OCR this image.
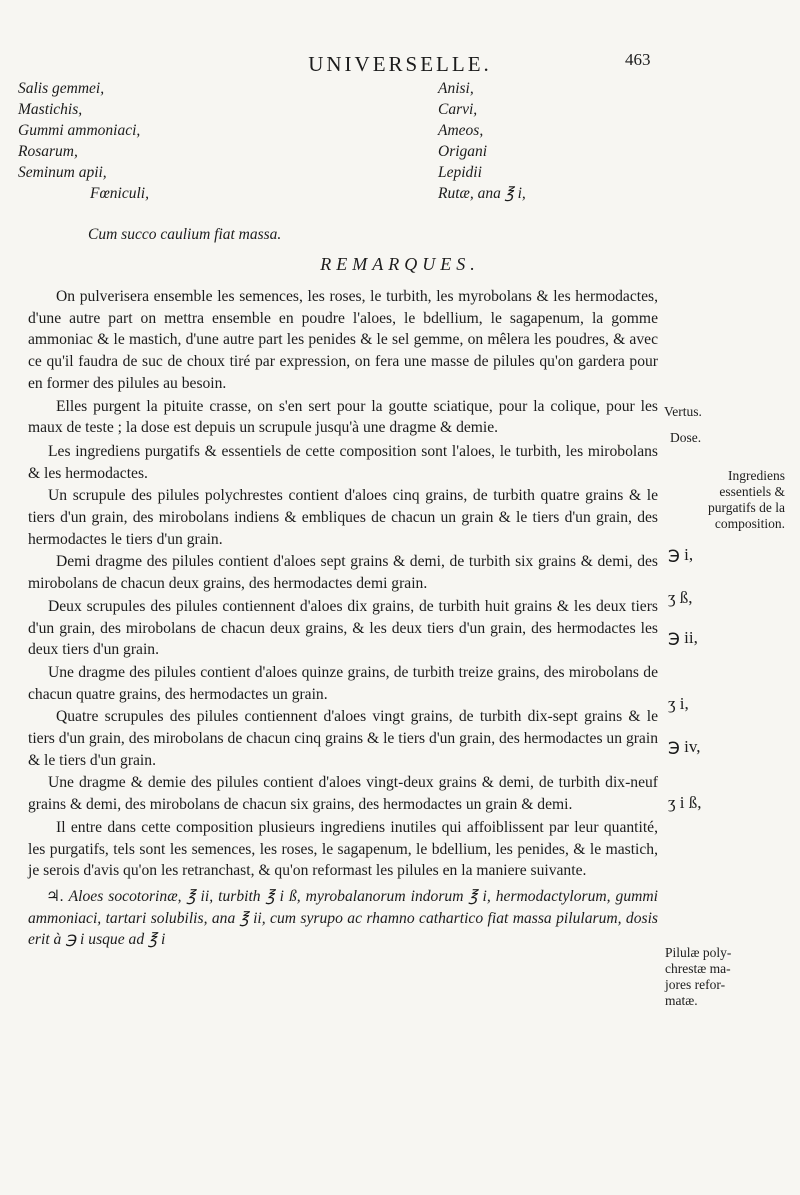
UNIVERSELLE.	463
Salis gemmei,
Mastichis,
Gummi ammoniaci,
Rosarum,
Seminum apii,
Fœniculi,
Anisi,
Carvi,
Ameos,
Origani
Lepidii
Rutæ, ana ℥ i,
Cum succo caulium fiat massa.
REMARQUES.

On pulverisera ensemble les semences, les roses, le turbith, les myrobolans & les hermodactes, d'une autre part on mettra ensemble en poudre l'aloes, le bdellium, le sagapenum, la gomme ammoniac & le mastich, d'une autre part les penides & le sel gemme, on mêlera les poudres, & avec ce qu'il faudra de suc de choux tiré par expression, on fera une masse de pilules qu'on gardera pour en former des pilules au besoin.

Elles purgent la pituite crasse, on s'en sert pour la goutte sciatique, pour la colique, pour les maux de teste ; la dose est depuis un scrupule jusqu'à une dragme & demie.

Les ingrediens purgatifs & essentiels de cette composition sont l'aloes, le turbith, les mirobolans & les hermodactes.

Un scrupule des pilules polychrestes contient d'aloes cinq grains, de turbith quatre grains & le tiers d'un grain, des mirobolans indiens & embliques de chacun un grain & le tiers d'un grain, des hermodactes le tiers d'un grain.

Demi dragme des pilules contient d'aloes sept grains & demi, de turbith six grains & demi, des mirobolans de chacun deux grains, des hermodactes demi grain.

Deux scrupules des pilules contiennent d'aloes dix grains, de turbith huit grains & les deux tiers d'un grain, des mirobolans de chacun deux grains, & les deux tiers d'un grain, des hermodactes les deux tiers d'un grain.

Une dragme des pilules contient d'aloes quinze grains, de turbith treize grains, des mirobolans de chacun quatre grains, des hermodactes un grain.

Quatre scrupules des pilules contiennent d'aloes vingt grains, de turbith dix-sept grains & le tiers d'un grain, des mirobolans de chacun cinq grains & le tiers d'un grain, des hermodactes un grain & le tiers d'un grain.

Une dragme & demie des pilules contient d'aloes vingt-deux grains & demi, de turbith dix-neuf grains & demi, des mirobolans de chacun six grains, des hermodactes un grain & demi.

Il entre dans cette composition plusieurs ingrediens inutiles qui affoiblissent par leur quantité, les purgatifs, tels sont les semences, les roses, le sagapenum, le bdellium, les penides, & le mastich, je serois d'avis qu'on les retranchast, & qu'on reformast les pilules en la maniere suivante.

♃. Aloes socotorinæ, ℥ ii, turbith ℥ i ß, myrobalanorum indorum ℥ i, hermodactylorum, gummi ammoniaci, tartari solubilis, ana ℥ ii, cum syrupo ac rhamno cathartico fiat massa pilularum, dosis erit à ℈ i usque ad ℥ i

Vertus.
Dose.
Ingrediens
essentiels &
purgatifs de la
composition.
℈ i,
ʒ ß,
℈ ii,
ʒ i,
℈ iv,
ʒ i ß,
Pilulæ poly-
chrestæ ma-
jores refor-
matæ.
